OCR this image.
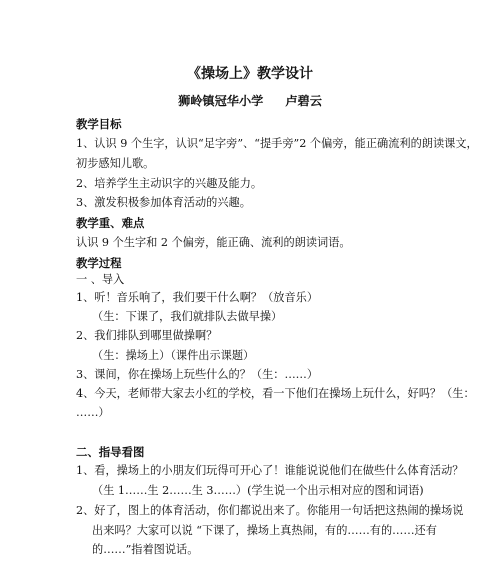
《操场上》教学设计
狮岭镇冠华小学 卢碧云
教学目标
1、认识 9 个生字，认识“足字旁”、“提手旁”2 个偏旁，能正确流利的朗读课文，
初步感知儿歌。
2、培养学生主动识字的兴趣及能力。
3、激发积极参加体育活动的兴趣。
教学重、难点
认识 9 个生字和 2 个偏旁，能正确、流利的朗读词语。
教学过程
一 、导入
1、听！音乐响了，我们要干什么啊？（放音乐）
（生：下课了，我们就排队去做早操）
2、我们排队到哪里做操啊？
（生：操场上）（课件出示课题）
3、课间，你在操场上玩些什么的？（生：……）
4、今天，老师带大家去小红的学校，看一下他们在操场上玩什么，好吗？（生：
……）
二、指导看图
1、看，操场上的小朋友们玩得可开心了！谁能说说他们在做些什么体育活动？
（生 1……生 2……生 3……）(学生说一个出示相对应的图和词语)
2、好了，图上的体育活动，你们都说出来了。你能用一句话把这热闹的操场说
出来吗？大家可以说 “下课了，操场上真热闹，有的……有的……还有
的……”指着图说话。
